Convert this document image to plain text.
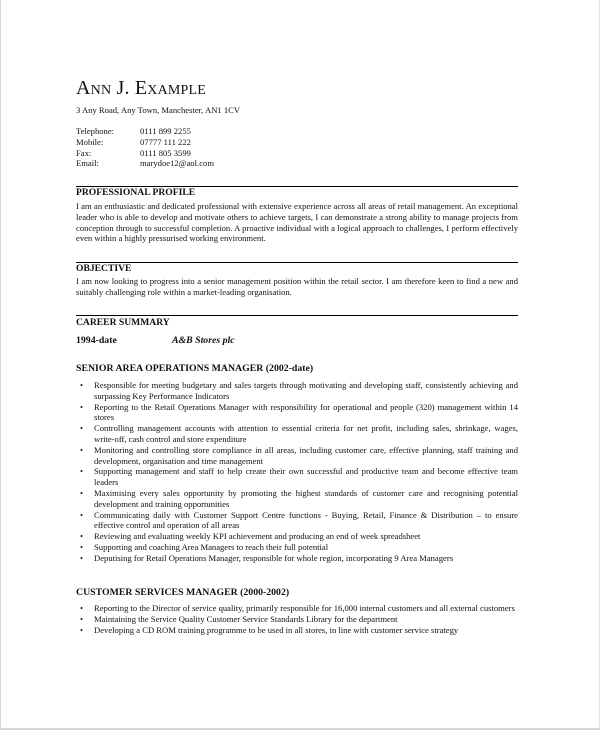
Ann J. Example
3 Any Road, Any Town, Manchester, AN1 1CV
Telephone:	0111 899 2255
Mobile:	07777 111 222
Fax:	0111 805 3599
Email:	marydoe12@aol.com
PROFESSIONAL PROFILE
I am an enthusiastic and dedicated professional with extensive experience across all areas of retail management. An exceptional leader who is able to develop and motivate others to achieve targets, I can demonstrate a strong ability to manage projects from conception through to successful completion. A proactive individual with a logical approach to challenges, I perform effectively even within a highly pressurised working environment.
OBJECTIVE
I am now looking to progress into a senior management position within the retail sector. I am therefore keen to find a new and suitably challenging role within a market-leading organisation.
CAREER SUMMARY
1994-date	A&B Stores plc
SENIOR AREA OPERATIONS MANAGER (2002-date)
• Responsible for meeting budgetary and sales targets through motivating and developing staff, consistently achieving and surpassing Key Performance Indicators
• Reporting to the Retail Operations Manager with responsibility for operational and people (320) management within 14 stores
• Controlling management accounts with attention to essential criteria for net profit, including sales, shrinkage, wages, write-off, cash control and store expenditure
• Monitoring and controlling store compliance in all areas, including customer care, effective planning, staff training and development, organisation and time management
• Supporting management and staff to help create their own successful and productive team and become effective team leaders
• Maximising every sales opportunity by promoting the highest standards of customer care and recognising potential development and training opportunities
• Communicating daily with Customer Support Centre functions - Buying, Retail, Finance & Distribution – to ensure effective control and operation of all areas
• Reviewing and evaluating weekly KPI achievement and producing an end of week spreadsheet
• Supporting and coaching Area Managers to reach their full potential
• Deputising for Retail Operations Manager, responsible for whole region, incorporating 9 Area Managers
CUSTOMER SERVICES MANAGER (2000-2002)
• Reporting to the Director of service quality, primarily responsible for 16,000 internal customers and all external customers
• Maintaining the Service Quality Customer Service Standards Library for the department
• Developing a CD ROM training programme to be used in all stores, in line with customer service strategy
